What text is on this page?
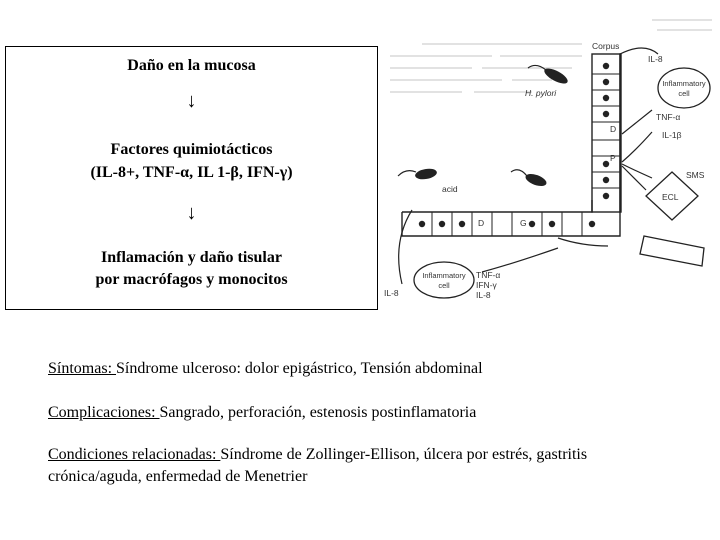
Daño en la mucosa
↓
Factores quimiotácticos
(IL-8+, TNF-α, IL 1-β, IFN-γ)
↓
Inflamación y daño tisular
por macrófagos y monocitos
Corpus
IL-8
H. pylori
Inflammatory
cell
TNF-α
IL-1β
D
P
SMS
ECL
acid
D	G
IL-8
Inflammatory
cell
TNF-α
IFN-γ
IL-8
Síntomas: Síndrome ulceroso: dolor epigástrico, Tensión abdominal
Complicaciones: Sangrado, perforación, estenosis postinflamatoria
Condiciones relacionadas: Síndrome de Zollinger-Ellison, úlcera por estrés, gastritis crónica/aguda, enfermedad de Menetrier
